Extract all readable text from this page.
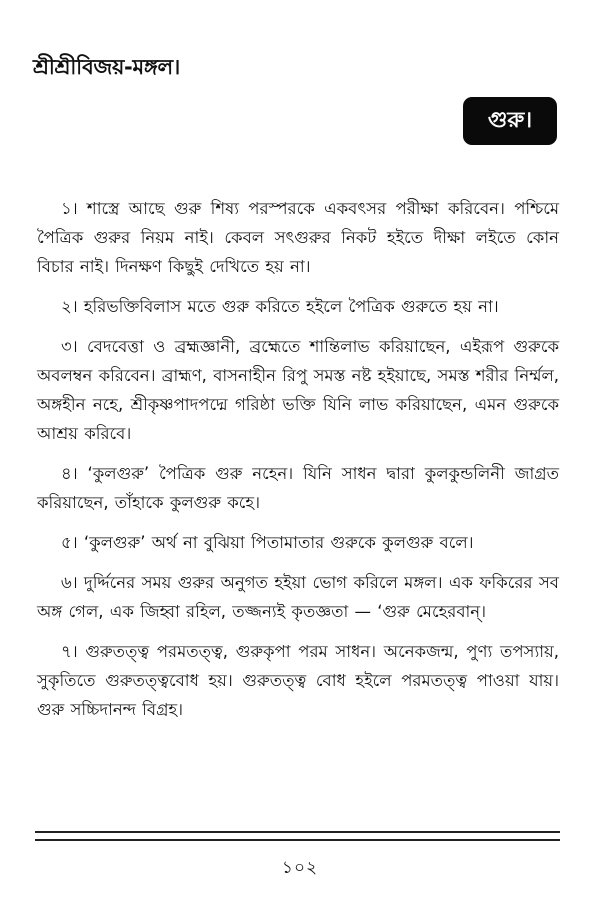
শ্রীশ্রীবিজয়-মঙ্গল।
গুরু।

১। শাস্ত্রে আছে গুরু শিষ্য পরস্পরকে একবৎসর পরীক্ষা করিবেন। পশ্চিমে পৈত্রিক গুরুর নিয়ম নাই। কেবল সৎগুরুর নিকট হইতে দীক্ষা লইতে কোন বিচার নাই। দিনক্ষণ কিছুই দেখিতে হয় না।

২। হরিভক্তিবিলাস মতে গুরু করিতে হইলে পৈত্রিক গুরুতে হয় না।

৩। বেদবেত্তা ও ব্রহ্মজ্ঞানী, ব্রহ্মেতে শান্তিলাভ করিয়াছেন, এইরূপ গুরুকে অবলম্বন করিবেন। ব্রাহ্মণ, বাসনাহীন রিপু সমস্ত নষ্ট হইয়াছে, সমস্ত শরীর নির্ম্মল, অঙ্গহীন নহে, শ্রীকৃষ্ণপাদপদ্মে গরিষ্ঠা ভক্তি যিনি লাভ করিয়াছেন, এমন গুরুকে আশ্রয় করিবে।

৪। ‘কুলগুরু’ পৈত্রিক গুরু নহেন। যিনি সাধন দ্বারা কুলকুন্ডলিনী জাগ্রত করিয়াছেন, তাঁহাকে কুলগুরু কহে।

৫। ‘কুলগুরু’ অর্থ না বুঝিয়া পিতামাতার গুরুকে কুলগুরু বলে।

৬। দুর্দ্দিনের সময় গুরুর অনুগত হইয়া ভোগ করিলে মঙ্গল। এক ফকিরের সব অঙ্গ গেল, এক জিহ্বা রহিল, তজ্জন্যই কৃতজ্ঞতা — ‘গুরু মেহেরবান্।

৭। গুরুতত্ত্ব পরমতত্ত্ব, গুরুকৃপা পরম সাধন। অনেকজন্ম, পুণ্য তপস্যায়, সুকৃতিতে গুরুতত্ত্ববোধ হয়। গুরুতত্ত্ব বোধ হইলে পরমতত্ত্ব পাওয়া যায়। গুরু সচ্চিদানন্দ বিগ্রহ।

১০২
